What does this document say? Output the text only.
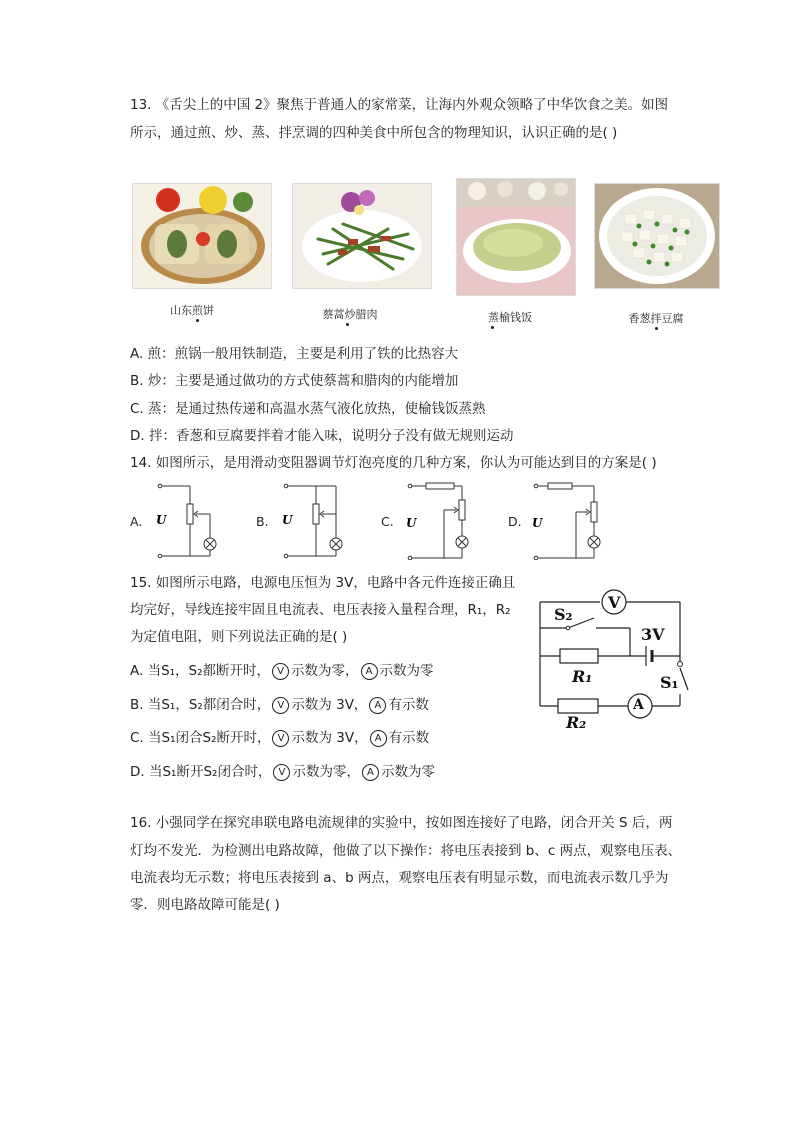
13. 《舌尖上的中国 2》聚焦于普通人的家常菜，让海内外观众领略了中华饮食之美。如图
所示，通过煎、炒、蒸、拌烹调的四种美食中所包含的物理知识，认识正确的是( )
山东煎饼	蔡蒿炒腊肉	蒸榆钱饭	香葱拌豆腐
A. 煎：煎锅一般用铁制造，主要是利用了铁的比热容大
B. 炒：主要是通过做功的方式使蔡蒿和腊肉的内能增加
C. 蒸：是通过热传递和高温水蒸气液化放热，使榆钱饭蒸熟
D. 拌：香葱和豆腐要拌着才能入味，说明分子没有做无规则运动
14. 如图所示，是用滑动变阻器调节灯泡亮度的几种方案，你认为可能达到目的方案是( )
A.	B.	C.	D.
U	U	U	U
15. 如图所示电路，电源电压恒为 3V，电路中各元件连接正确且
均完好，导线连接牢固且电流表、电压表接入量程合理，R₁，R₂
为定值电阻，则下列说法正确的是( )
A. 当S₁，S₂都断开时， V 示数为零， A 示数为零
B. 当S₁，S₂都闭合时， V 示数为 3V， A 有示数
C. 当S₁闭合S₂断开时， V 示数为 3V， A 有示数
D. 当S₁断开S₂闭合时， V 示数为零， A 示数为零
V
A
S₂
3V
R₁	S₁
R₂
16. 小强同学在探究串联电路电流规律的实验中，按如图连接好了电路，闭合开关 S 后，两
灯均不发光．为检测出电路故障，他做了以下操作：将电压表接到 b、c 两点，观察电压表、
电流表均无示数；将电压表接到 a、b 两点，观察电压表有明显示数，而电流表示数几乎为
零．则电路故障可能是( )
